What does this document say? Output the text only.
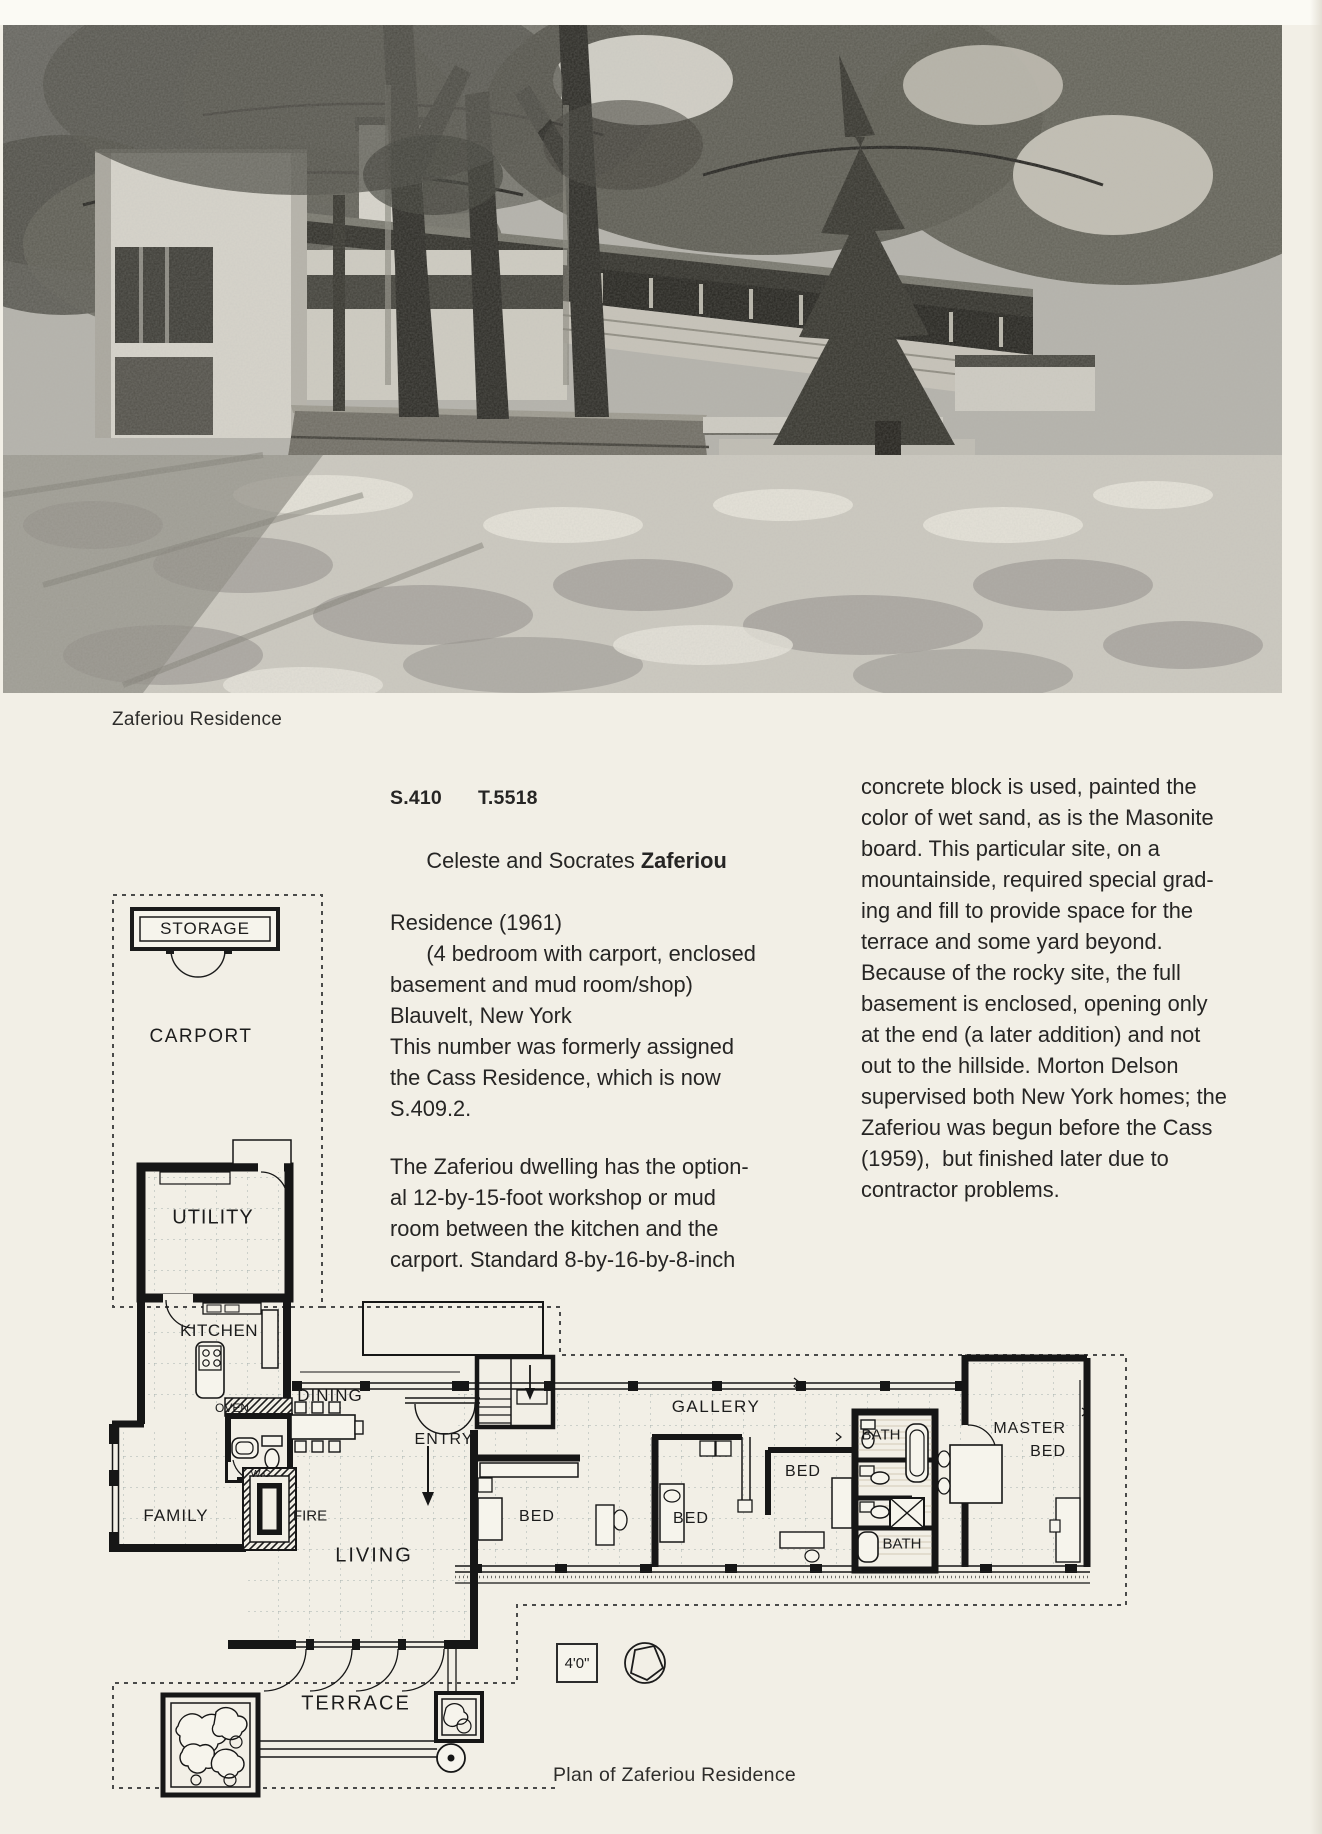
Zaferiou Residence
S.410 T.5518

Celeste and Socrates Zaferiou

Residence (1961)
(4 bedroom with carport, enclosed
basement and mud room/shop)
Blauvelt, New York
This number was formerly assigned
the Cass Residence, which is now
S.409.2.
The Zaferiou dwelling has the option-
al 12-by-15-foot workshop or mud
room between the kitchen and the
carport. Standard 8-by-16-by-8-inch
concrete block is used, painted the
color of wet sand, as is the Masonite
board. This particular site, on a
mountainside, required special grad-
ing and fill to provide space for the
terrace and some yard beyond.
Because of the rocky site, the full
basement is enclosed, opening only
at the end (a later addition) and not
out to the hillside. Morton Delson
supervised both New York homes; the
Zaferiou was begun before the Cass
(1959),  but finished later due to
contractor problems.
STORAGE
CARPORT
UTILITY
KITCHEN
OVEN
DINING
W.C.
FAMILY	FIRE
LIVING
ENTRY
BED	BED
BED
GALLERY
BATH
BATH
MASTER
BED
TERRACE
4'0"
Plan of Zaferiou Residence
